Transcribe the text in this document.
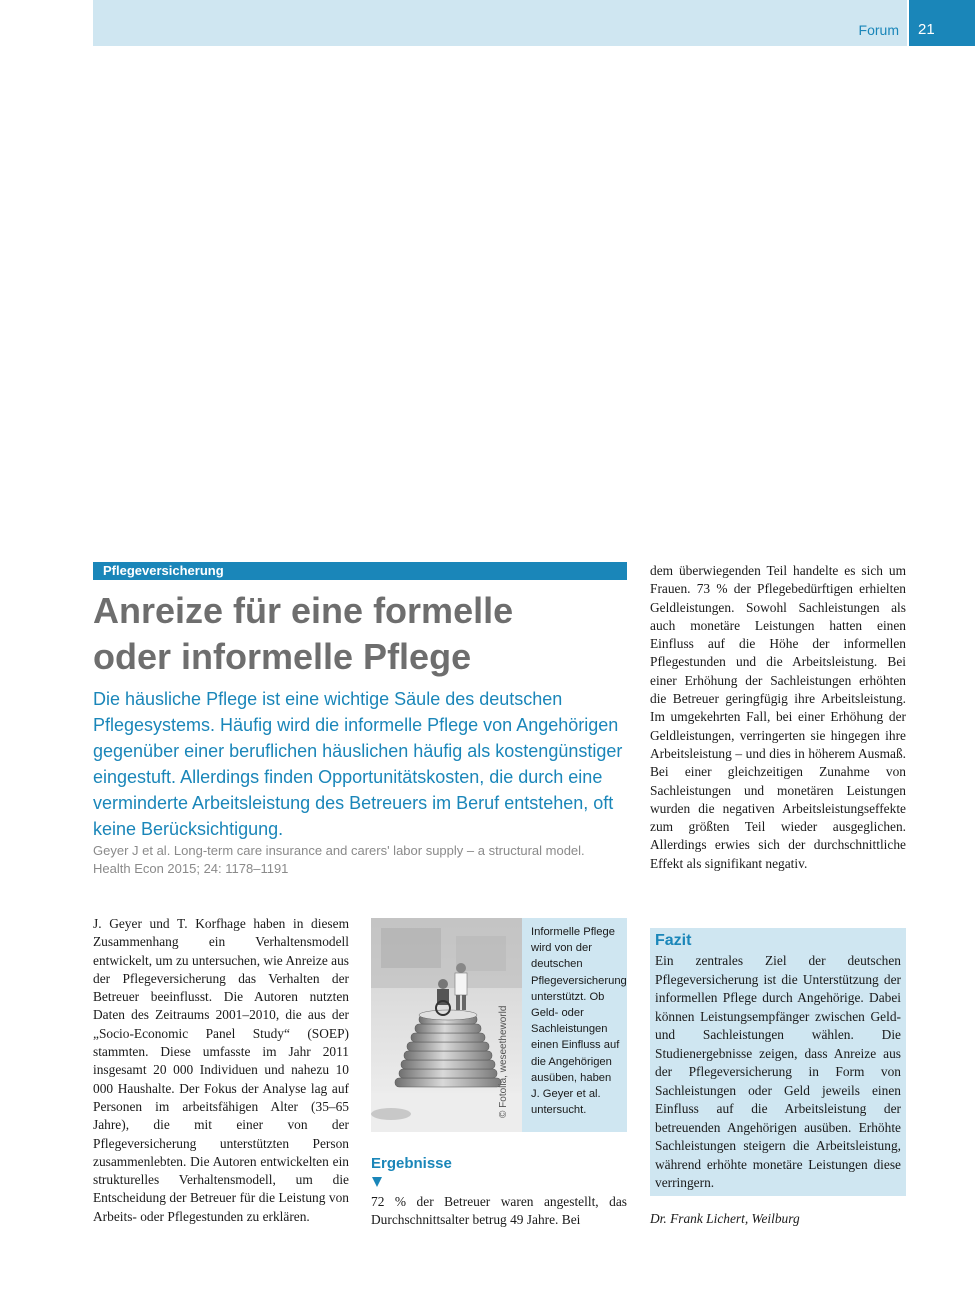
Forum 21
Pflegeversicherung
Anreize für eine formelle
oder informelle Pflege

Die häusliche Pflege ist eine wichtige Säule des deutschen Pflegesystems. Häufig wird die informelle Pflege von Angehörigen gegenüber einer beruflichen häuslichen häufig als kostengünstiger eingestuft. Allerdings finden Opportunitätskosten, die durch eine verminderte Arbeitsleistung des Betreuers im Beruf entstehen, oft keine Berücksichtigung.

Geyer J et al. Long-term care insurance and carers' labor supply – a structural model.
Health Econ 2015; 24: 1178–1191

J. Geyer und T. Korfhage haben in diesem Zusammenhang ein Verhaltensmodell entwickelt, um zu untersuchen, wie Anreize aus der Pflegeversicherung das Verhalten der Betreuer beeinflusst. Die Autoren nutzten Daten des Zeitraums 2001–2010, die aus der „Socio-Economic Panel Study“ (SOEP) stammten. Diese umfasste im Jahr 2011 insgesamt 20 000 Individuen und nahezu 10 000 Haushalte. Der Fokus der Analyse lag auf Personen im arbeitsfähigen Alter (35–65 Jahre), die mit einer von der Pflegeversicherung unterstützten Person zusammenlebten. Die Autoren entwickelten ein strukturelles Verhaltensmodell, um die Entscheidung der Betreuer für die Leistung von Arbeits- oder Pflegestunden zu erklären.

© Fotolia, weseetheworld

Informelle Pflege wird von der deutschen Pflegeversicherung unterstützt. Ob Geld- oder Sachleistungen einen Einfluss auf die Angehörigen ausüben, haben J. Geyer et al. untersucht.

Ergebnisse

72 % der Betreuer waren angestellt, das Durchschnittsalter betrug 49 Jahre. Bei

dem überwiegenden Teil handelte es sich um Frauen. 73 % der Pflegebedürftigen erhielten Geldleistungen. Sowohl Sachleistungen als auch monetäre Leistungen hatten einen Einfluss auf die Höhe der informellen Pflegestunden und die Arbeitsleistung. Bei einer Erhöhung der Sachleistungen erhöhten die Betreuer geringfügig ihre Arbeitsleistung. Im umgekehrten Fall, bei einer Erhöhung der Geldleistungen, verringerten sie hingegen ihre Arbeitsleistung – und dies in höherem Ausmaß. Bei einer gleichzeitigen Zunahme von Sachleistungen und monetären Leistungen wurden die negativen Arbeitsleistungseffekte zum größten Teil wieder ausgeglichen. Allerdings erwies sich der durchschnittliche Effekt als signifikant negativ.

Fazit

Ein zentrales Ziel der deutschen Pflegeversicherung ist die Unterstützung der informellen Pflege durch Angehörige. Dabei können Leistungsempfänger zwischen Geld- und Sachleistungen wählen. Die Studienergebnisse zeigen, dass Anreize aus der Pflegeversicherung in Form von Sachleistungen oder Geld jeweils einen Einfluss auf die Arbeitsleistung der betreuenden Angehörigen ausüben. Erhöhte Sachleistungen steigern die Arbeitsleistung, während erhöhte monetäre Leistungen diese verringern.

Dr. Frank Lichert, Weilburg
